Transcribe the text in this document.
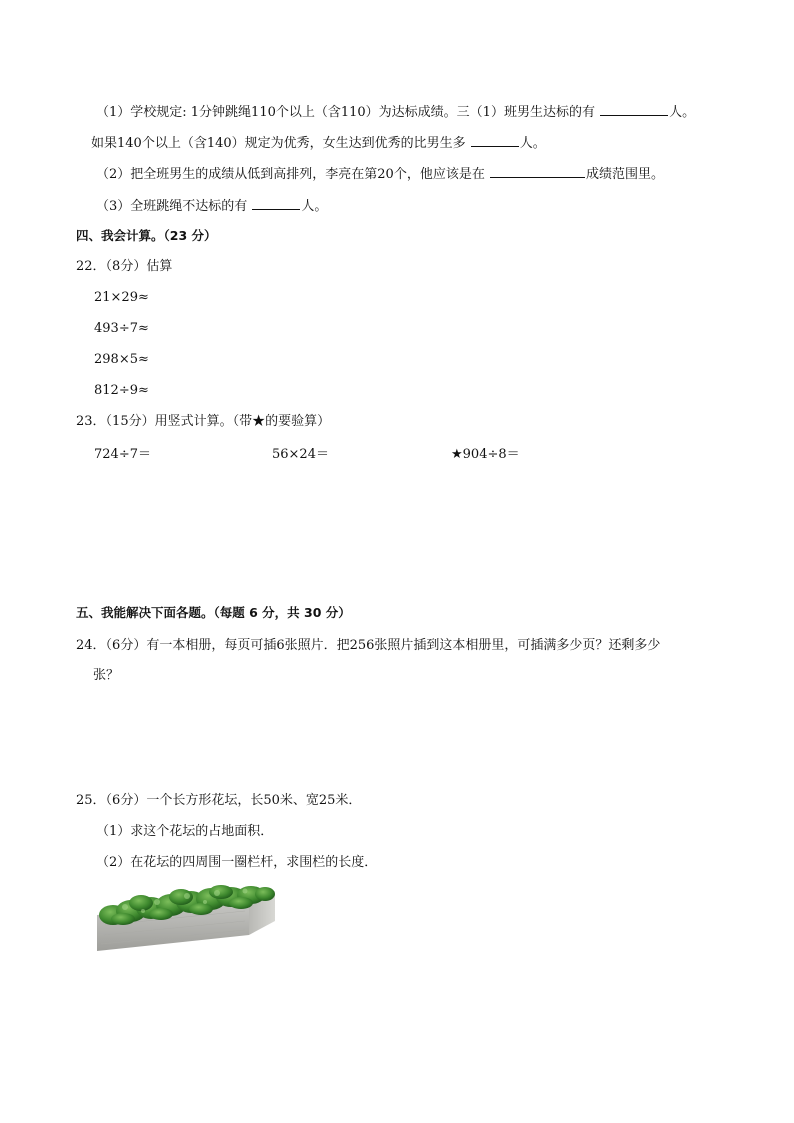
（1）学校规定: 1分钟跳绳110个以上（含110）为达标成绩。三（1）班男生达标的有	人。
如果140个以上（含140）规定为优秀，女生达到优秀的比男生多	人。
（2）把全班男生的成绩从低到高排列，李亮在第20个，他应该是在	成绩范围里。
（3）全班跳绳不达标的有	人。
四、我会计算。（23 分）
22．（8分）估算
21×29≈
493÷7≈
298×5≈
812÷9≈
23．（15分）用竖式计算。（带★的要验算）
724÷7＝	56×24＝	★904÷8＝
五、我能解决下面各题。（每题 6 分，共 30 分）
24．（6分）有一本相册，每页可插6张照片．把256张照片插到这本相册里，可插满多少页？还剩多少
张？
25．（6分）一个长方形花坛，长50米、宽25米．
（1）求这个花坛的占地面积．
（2）在花坛的四周围一圈栏杆，求围栏的长度．
